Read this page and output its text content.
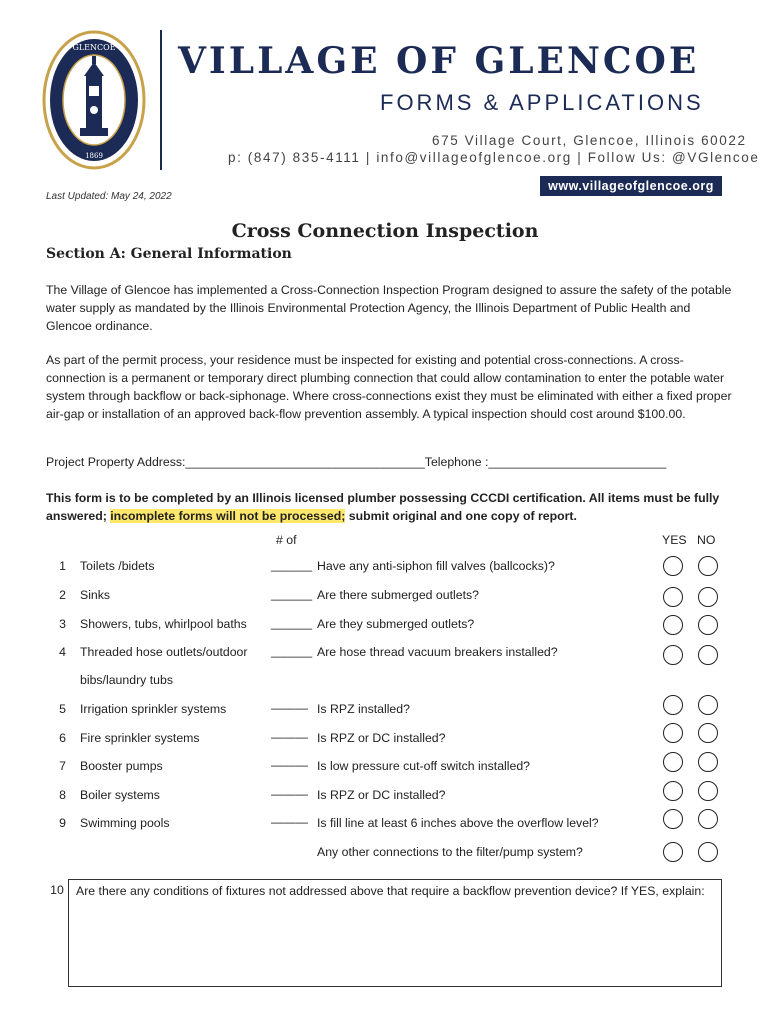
GLENCOE
1869
VILLAGE OF GLENCOE
FORMS & APPLICATIONS
675 Village Court, Glencoe, Illinois 60022
p: (847) 835-4111 | info@villageofglencoe.org | Follow Us: @VGlencoe
www.villageofglencoe.org
Last Updated: May 24, 2022
Cross Connection Inspection
Section A: General Information
The Village of Glencoe has implemented a Cross-Connection Inspection Program designed to assure the safety of the potable water supply as mandated by the Illinois Environmental Protection Agency, the Illinois Department of Public Health and Glencoe ordinance.
As part of the permit process, your residence must be inspected for existing and potential cross-connections. A cross-connection is a permanent or temporary direct plumbing connection that could allow contamination to enter the potable water system through backflow or back-siphonage. Where cross-connections exist they must be eliminated with either a fixed proper air-gap or installation of an approved back-flow prevention assembly. A typical inspection should cost around $100.00.
Project Property Address:___________________________________Telephone :__________________________
This form is to be completed by an Illinois licensed plumber possessing CCCDI certification. All items must be fully answered; incomplete forms will not be processed; submit original and one copy of report.
# of	YES NO
1 Toilets /bidets	______ Have any anti-siphon fill valves (ballcocks)?
2 Sinks	______ Are there submerged outlets?
3 Showers, tubs, whirlpool baths ______ Are they submerged outlets?
4 Threaded hose outlets/outdoor
bibs/laundry tubs
______ Are hose thread vacuum breakers installed?
5 Irrigation sprinkler systems	——— Is RPZ installed?
6 Fire sprinkler systems	——— Is RPZ or DC installed?
7 Booster pumps	——— Is low pressure cut-off switch installed?
8 Boiler systems	——— Is RPZ or DC installed?
9 Swimming pools	——— Is fill line at least 6 inches above the overflow level?
Any other connections to the filter/pump system?
10 Are there any conditions of fixtures not addressed above that require a backflow prevention device? If YES, explain:
